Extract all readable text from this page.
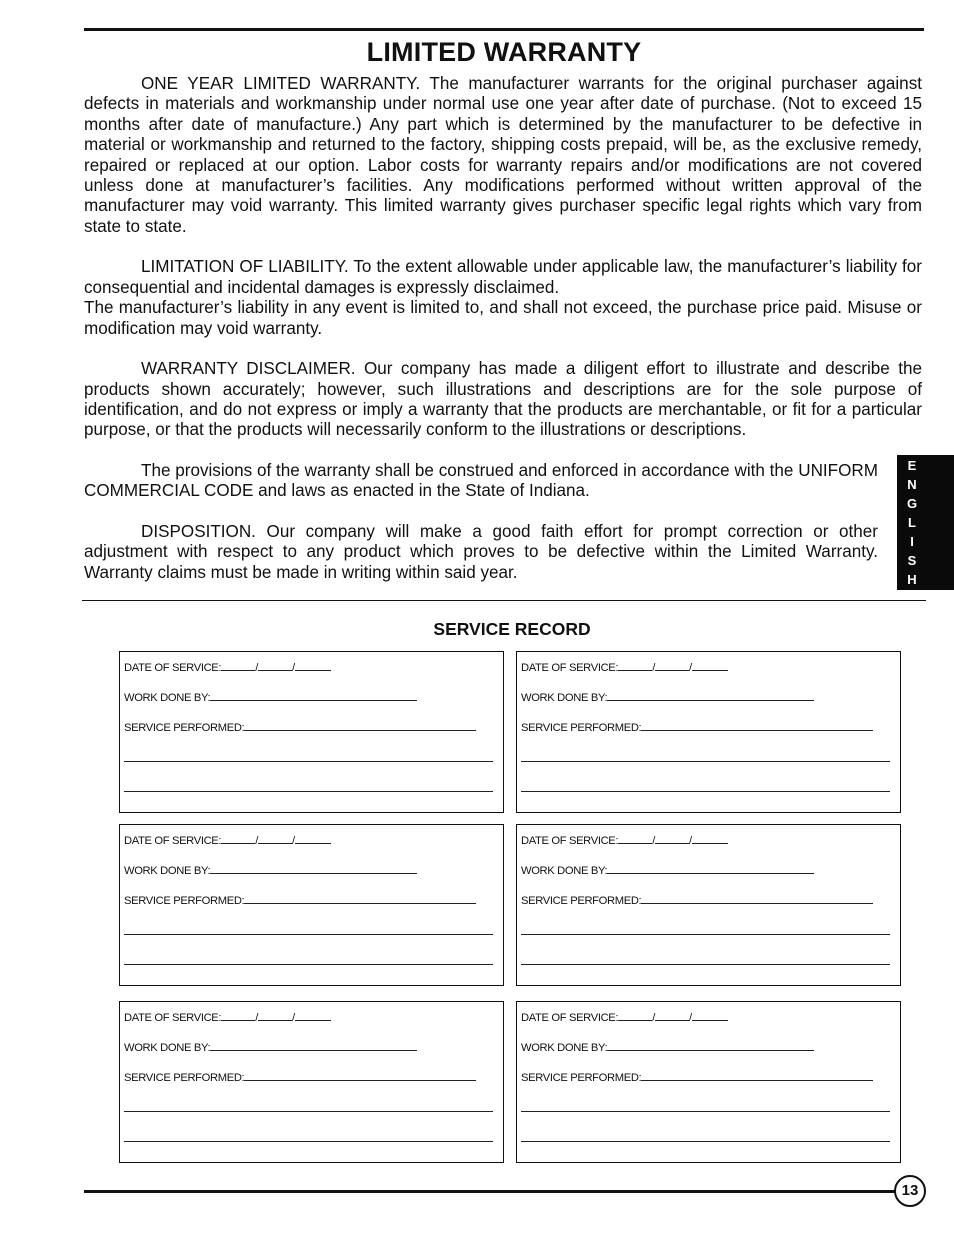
LIMITED WARRANTY

ONE YEAR LIMITED WARRANTY. The manufacturer warrants for the original purchaser against defects in materials and workmanship under normal use one year after date of purchase. (Not to exceed 15 months after date of manufacture.) Any part which is determined by the manufacturer to be defective in material or workmanship and returned to the factory, shipping costs prepaid, will be, as the exclusive remedy, repaired or replaced at our option. Labor costs for warranty repairs and/or modifications are not covered unless done at manufacturer’s facilities. Any modifications performed without written approval of the manufacturer may void warranty. This limited warranty gives purchaser specific legal rights which vary from state to state.

LIMITATION OF LIABILITY. To the extent allowable under applicable law, the manufacturer’s liability for consequential and incidental damages is expressly disclaimed.
The manufacturer’s liability in any event is limited to, and shall not exceed, the purchase price paid. Misuse or modification may void warranty.

WARRANTY DISCLAIMER. Our company has made a diligent effort to illustrate and describe the products shown accurately; however, such illustrations and descriptions are for the sole purpose of identification, and do not express or imply a warranty that the products are merchantable, or fit for a particular purpose, or that the products will necessarily conform to the illustrations or descriptions.

The provisions of the warranty shall be construed and enforced in accordance with the UNIFORM COMMERCIAL CODE and laws as enacted in the State of Indiana.

DISPOSITION. Our company will make a good faith effort for prompt correction or other adjustment with respect to any product which proves to be defective within the Limited Warranty. Warranty claims must be made in writing within said year.

E
N
G
L
I
S
H
SERVICE RECORD
DATE OF SERVICE:	/	/
WORK DONE BY:
SERVICE PERFORMED:
DATE OF SERVICE:	/	/
WORK DONE BY:
SERVICE PERFORMED:
DATE OF SERVICE:	/	/
WORK DONE BY:
SERVICE PERFORMED:
DATE OF SERVICE:	/	/
WORK DONE BY:
SERVICE PERFORMED:
DATE OF SERVICE:	/	/
WORK DONE BY:
SERVICE PERFORMED:
DATE OF SERVICE:	/	/
WORK DONE BY:
SERVICE PERFORMED:
13
